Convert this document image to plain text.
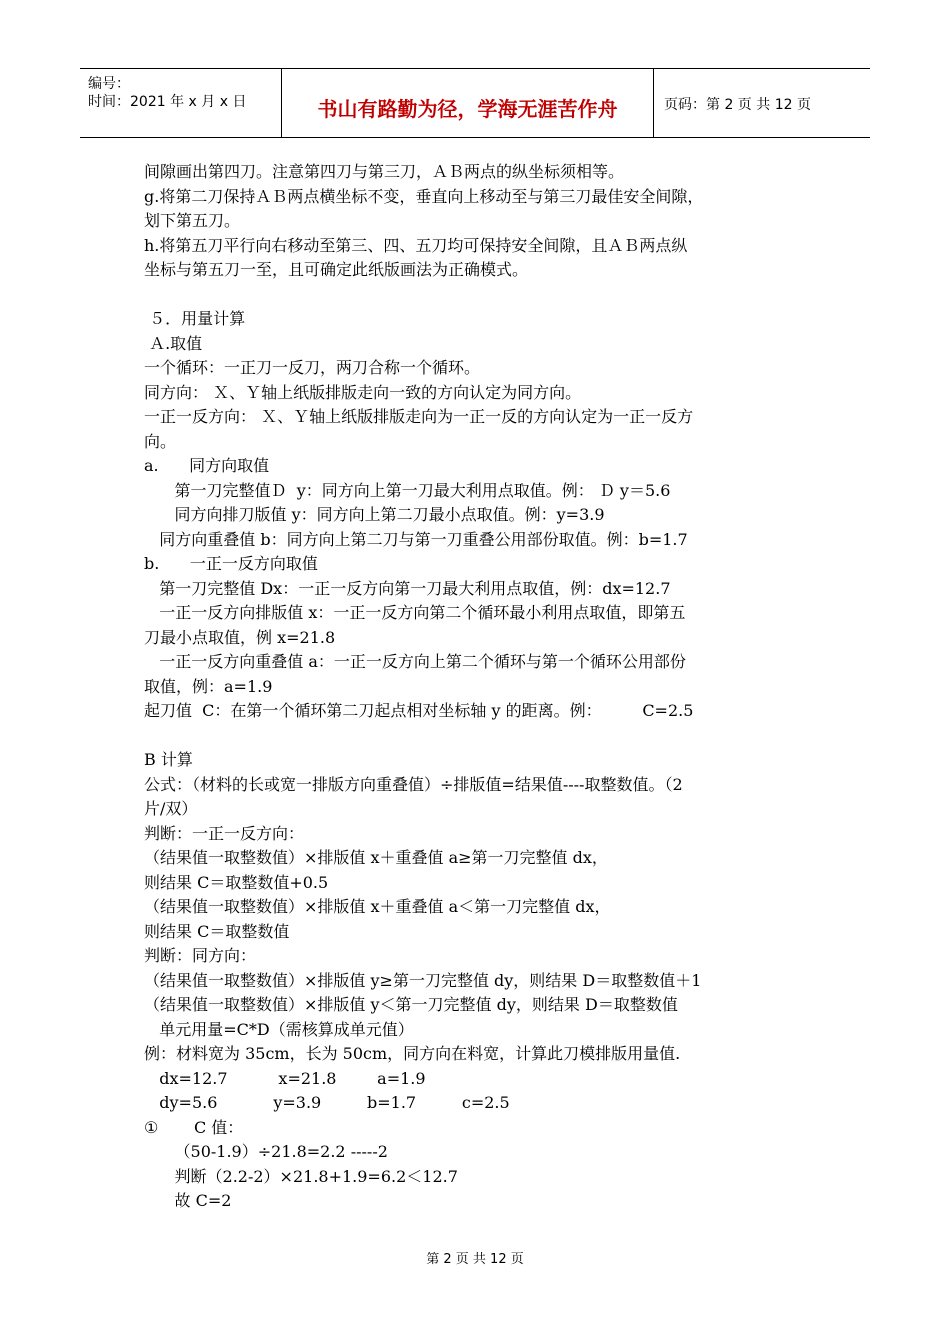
编号：
时间：2021 年 x 月 x 日	书山有路勤为径，学海无涯苦作舟	页码：第 2 页 共 12 页
间隙画出第四刀。注意第四刀与第三刀，ＡＢ两点的纵坐标须相等。
g.将第二刀保持ＡＢ两点横坐标不变，垂直向上移动至与第三刀最佳安全间隙，
划下第五刀。
h.将第五刀平行向右移动至第三、四、五刀均可保持安全间隙，且ＡＢ两点纵
坐标与第五刀一至，且可确定此纸版画法为正确模式。
５．用量计算
Ａ.取值
一个循环：一正刀一反刀，两刀合称一个循环。
同方向： Ｘ、Ｙ轴上纸版排版走向一致的方向认定为同方向。
一正一反方向： Ｘ、Ｙ轴上纸版排版走向为一正一反的方向认定为一正一反方
向。
a.      同方向取值
第一刀完整值Ｄ  y：同方向上第一刀最大利用点取值。例： Ｄ y＝5.6
同方向排刀版值 y：同方向上第二刀最小点取值。例：y=3.9
同方向重叠值 b：同方向上第二刀与第一刀重叠公用部份取值。例：b=1.7
b.      一正一反方向取值
第一刀完整值 Dx：一正一反方向第一刀最大利用点取值，例：dx=12.7
一正一反方向排版值 x：一正一反方向第二个循环最小利用点取值，即第五
刀最小点取值，例 x=21.8
一正一反方向重叠值 a：一正一反方向上第二个循环与第一个循环公用部份
取值，例：a=1.9
起刀值  C：在第一个循环第二刀起点相对坐标轴 y 的距离。例：        C=2.5
B 计算
公式：（材料的长或宽一排版方向重叠值）÷排版值=结果值----取整数值。（2
片/双）
判断：一正一反方向：
（结果值一取整数值）×排版值 x＋重叠值 a≥第一刀完整值 dx，
则结果 C＝取整数值+0.5
（结果值一取整数值）×排版值 x＋重叠值 a＜第一刀完整值 dx，
则结果 C＝取整数值
判断：同方向：
（结果值一取整数值）×排版值 y≥第一刀完整值 dy，则结果 D＝取整数值＋1
（结果值一取整数值）×排版值 y＜第一刀完整值 dy，则结果 D＝取整数值
单元用量=C*D（需核算成单元值）
例：材料宽为 35cm，长为 50cm，同方向在料宽，计算此刀模排版用量值.
dx=12.7          x=21.8        a=1.9
dy=5.6           y=3.9         b=1.7         c=2.5
①       C 值：
（50-1.9）÷21.8=2.2 -----2
判断（2.2-2）×21.8+1.9=6.2＜12.7
故 C=2
第 2 页 共 12 页
